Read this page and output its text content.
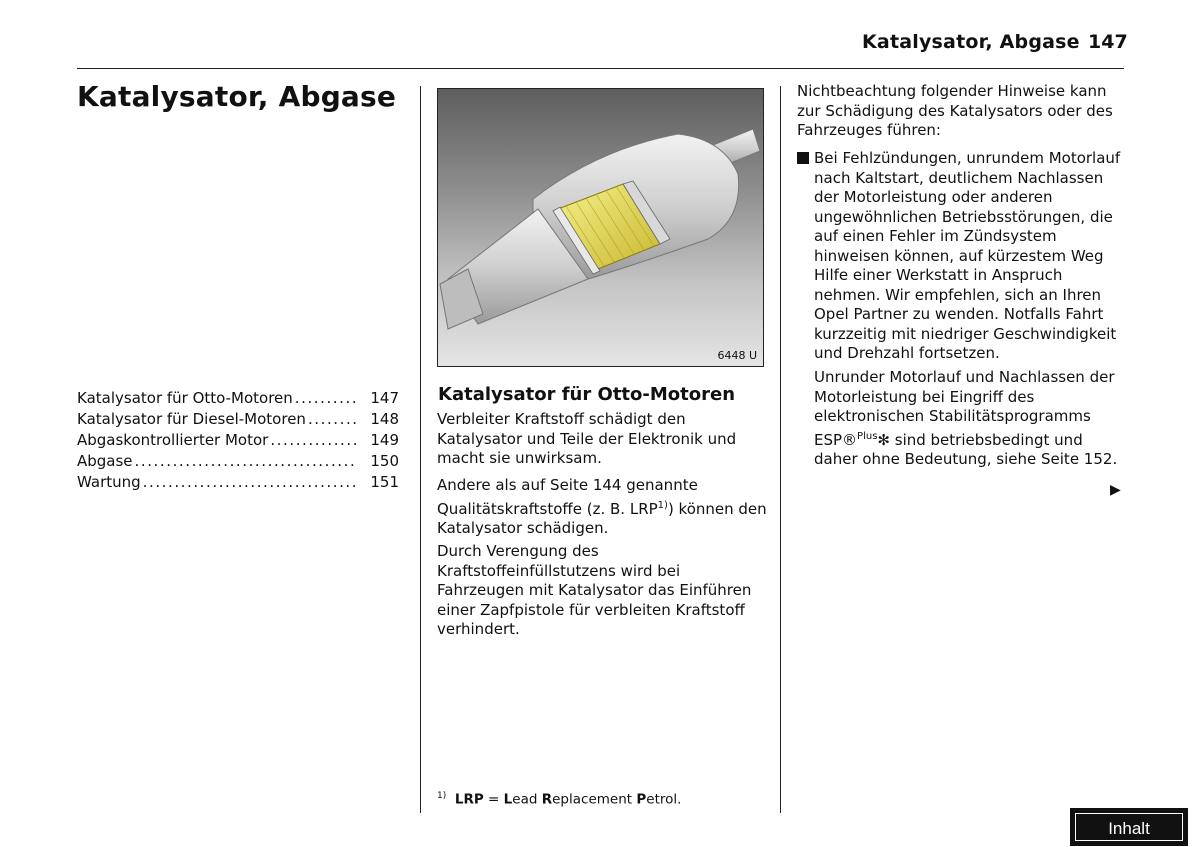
Katalysator, Abgase 147
Katalysator, Abgase
Katalysator für Otto-Motoren . . .	147
Katalysator für Diesel-Motoren . . .	148
Abgaskontrollierter Motor . . .	149
Abgase . . .	150
Wartung . . .	151
6448 U
Katalysator für Otto-Motoren
Verbleiter Kraftstoff schädigt den Katalysator und Teile der Elektronik und macht sie unwirksam.
Andere als auf Seite 144 genannte Qualitätskraftstoffe (z. B. LRP$^{1)}$) können den Katalysator schädigen.
Durch Verengung des Kraftstoffeinfüllstutzens wird bei Fahrzeugen mit Katalysator das Einführen einer Zapfpistole für verbleiten Kraftstoff verhindert.
$^{1)}$ LRP = Lead Replacement Petrol.
Nichtbeachtung folgender Hinweise kann zur Schädigung des Katalysators oder des Fahrzeuges führen:
Bei Fehlzündungen, unrundem Motorlauf nach Kaltstart, deutlichem Nachlassen der Motorleistung oder anderen ungewöhnlichen Betriebsstörungen, die auf einen Fehler im Zündsystem hinweisen können, auf kürzestem Weg Hilfe einer Werkstatt in Anspruch nehmen. Wir empfehlen, sich an Ihren Opel Partner zu wenden. Notfalls Fahrt kurzzeitig mit niedriger Geschwindigkeit und Drehzahl fortsetzen.
Unrunder Motorlauf und Nachlassen der Motorleistung bei Eingriff des elektronischen Stabilitätsprogramms ESP®$^{Plus}$✻ sind betriebsbedingt und daher ohne Bedeutung, siehe Seite 152.
▶
Inhalt
